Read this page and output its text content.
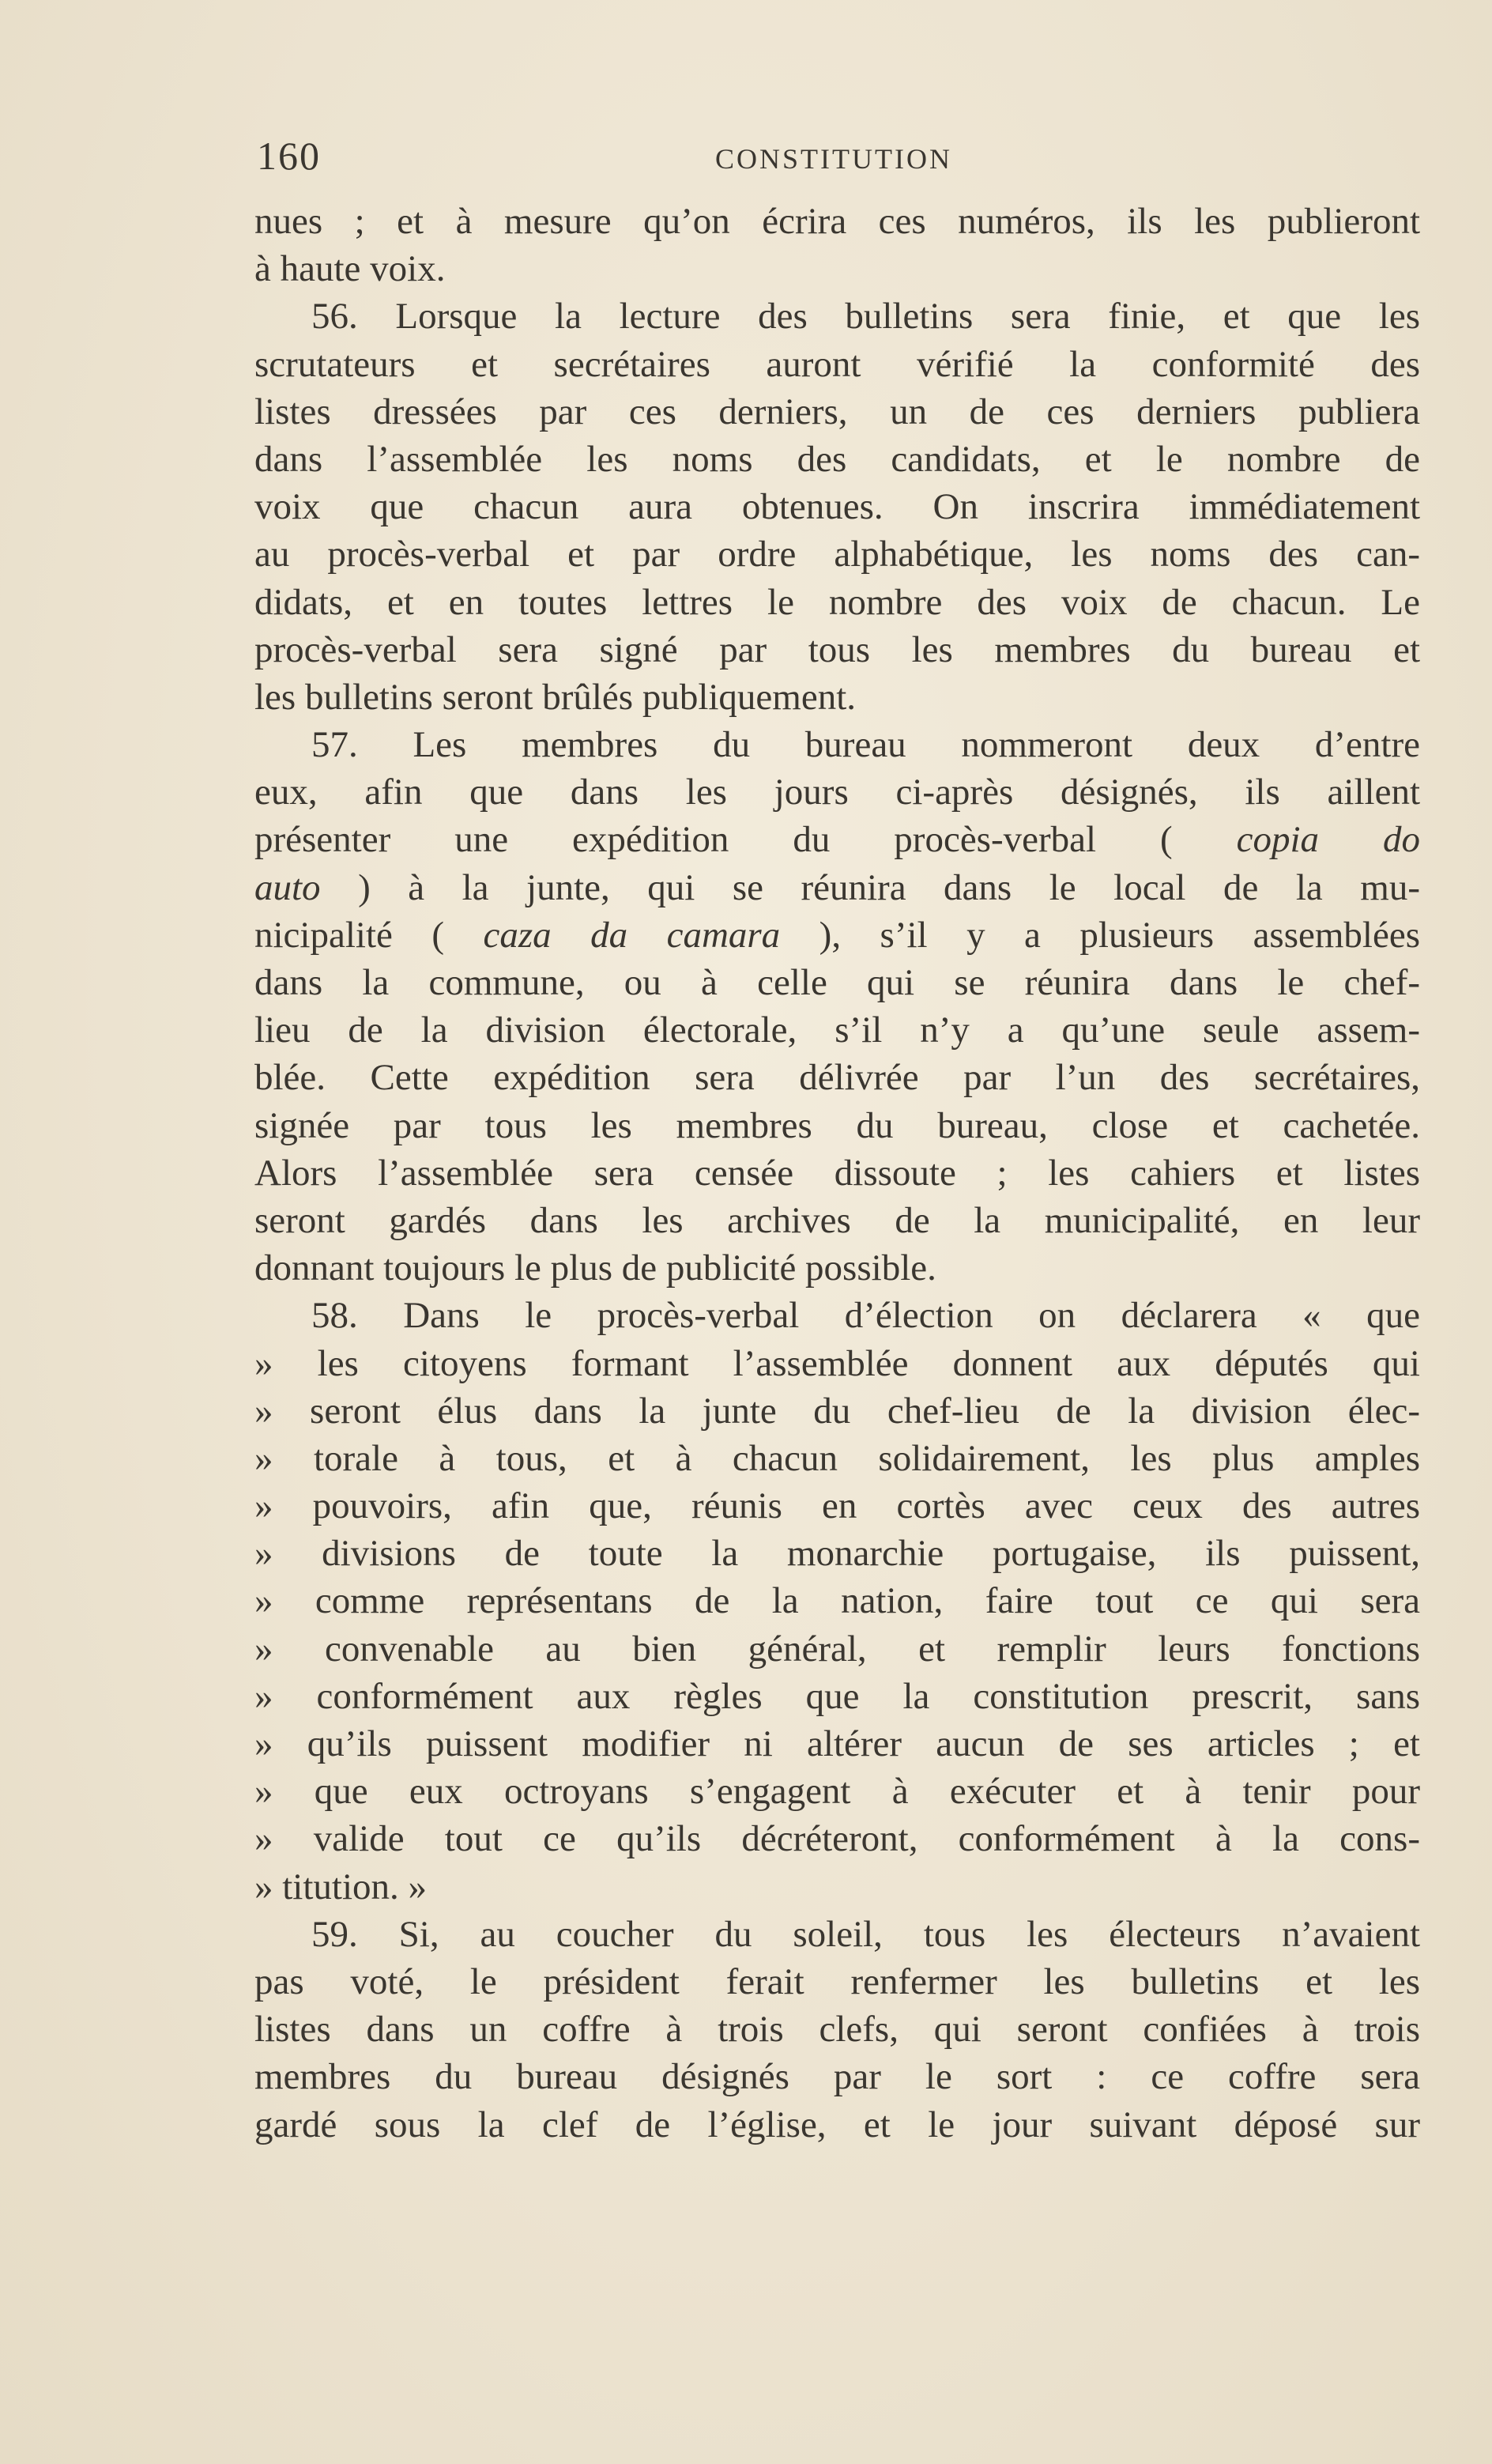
160	CONSTITUTION
nues ; et à mesure qu’on écrira ces numéros, ils les publieront
à haute voix.
56. Lorsque la lecture des bulletins sera finie, et que les
scrutateurs et secrétaires auront vérifié la conformité des
listes dressées par ces derniers, un de ces derniers publiera
dans l’assemblée les noms des candidats, et le nombre de
voix que chacun aura obtenues. On inscrira immédiatement
au procès-verbal et par ordre alphabétique, les noms des can-
didats, et en toutes lettres le nombre des voix de chacun. Le
procès-verbal sera signé par tous les membres du bureau et
les bulletins seront brûlés publiquement.
57. Les membres du bureau nommeront deux d’entre
eux, afin que dans les jours ci-après désignés, ils aillent
présenter une expédition du procès-verbal ( copia do
auto ) à la junte, qui se réunira dans le local de la mu-
nicipalité ( caza da camara ), s’il y a plusieurs assemblées
dans la commune, ou à celle qui se réunira dans le chef-
lieu de la division électorale, s’il n’y a qu’une seule assem-
blée. Cette expédition sera délivrée par l’un des secrétaires,
signée par tous les membres du bureau, close et cachetée.
Alors l’assemblée sera censée dissoute ; les cahiers et listes
seront gardés dans les archives de la municipalité, en leur
donnant toujours le plus de publicité possible.
58. Dans le procès-verbal d’élection on déclarera « que
» les citoyens formant l’assemblée donnent aux députés qui
» seront élus dans la junte du chef-lieu de la division élec-
» torale à tous, et à chacun solidairement, les plus amples
» pouvoirs, afin que, réunis en cortès avec ceux des autres
» divisions de toute la monarchie portugaise, ils puissent,
» comme représentans de la nation, faire tout ce qui sera
» convenable au bien général, et remplir leurs fonctions
» conformément aux règles que la constitution prescrit, sans
» qu’ils puissent modifier ni altérer aucun de ses articles ; et
» que eux octroyans s’engagent à exécuter et à tenir pour
» valide tout ce qu’ils décréteront, conformément à la cons-
» titution. »
59. Si, au coucher du soleil, tous les électeurs n’avaient
pas voté, le président ferait renfermer les bulletins et les
listes dans un coffre à trois clefs, qui seront confiées à trois
membres du bureau désignés par le sort : ce coffre sera
gardé sous la clef de l’église, et le jour suivant déposé sur
